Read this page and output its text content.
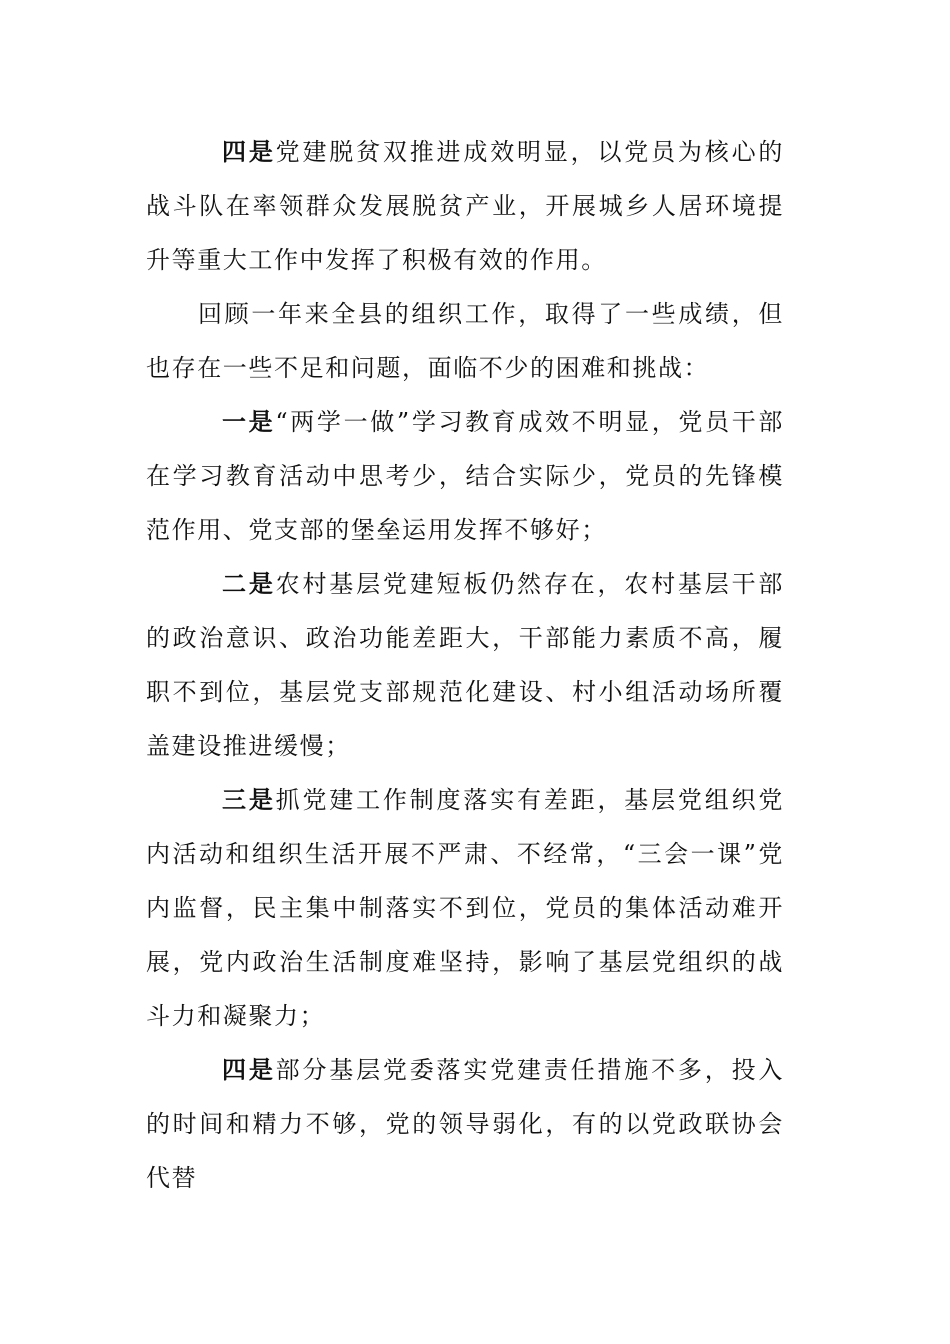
四是党建脱贫双推进成效明显，以党员为核心的战斗队在率领群众发展脱贫产业，开展城乡人居环境提升等重大工作中发挥了积极有效的作用。

回顾一年来全县的组织工作，取得了一些成绩，但也存在一些不足和问题，面临不少的困难和挑战：

一是“两学一做”学习教育成效不明显，党员干部在学习教育活动中思考少，结合实际少，党员的先锋模范作用、党支部的堡垒运用发挥不够好；

二是农村基层党建短板仍然存在，农村基层干部的政治意识、政治功能差距大，干部能力素质不高，履职不到位，基层党支部规范化建设、村小组活动场所覆盖建设推进缓慢；

三是抓党建工作制度落实有差距，基层党组织党内活动和组织生活开展不严肃、不经常，“三会一课”党内监督，民主集中制落实不到位，党员的集体活动难开展，党内政治生活制度难坚持，影响了基层党组织的战斗力和凝聚力；

四是部分基层党委落实党建责任措施不多，投入的时间和精力不够，党的领导弱化，有的以党政联协会代替
